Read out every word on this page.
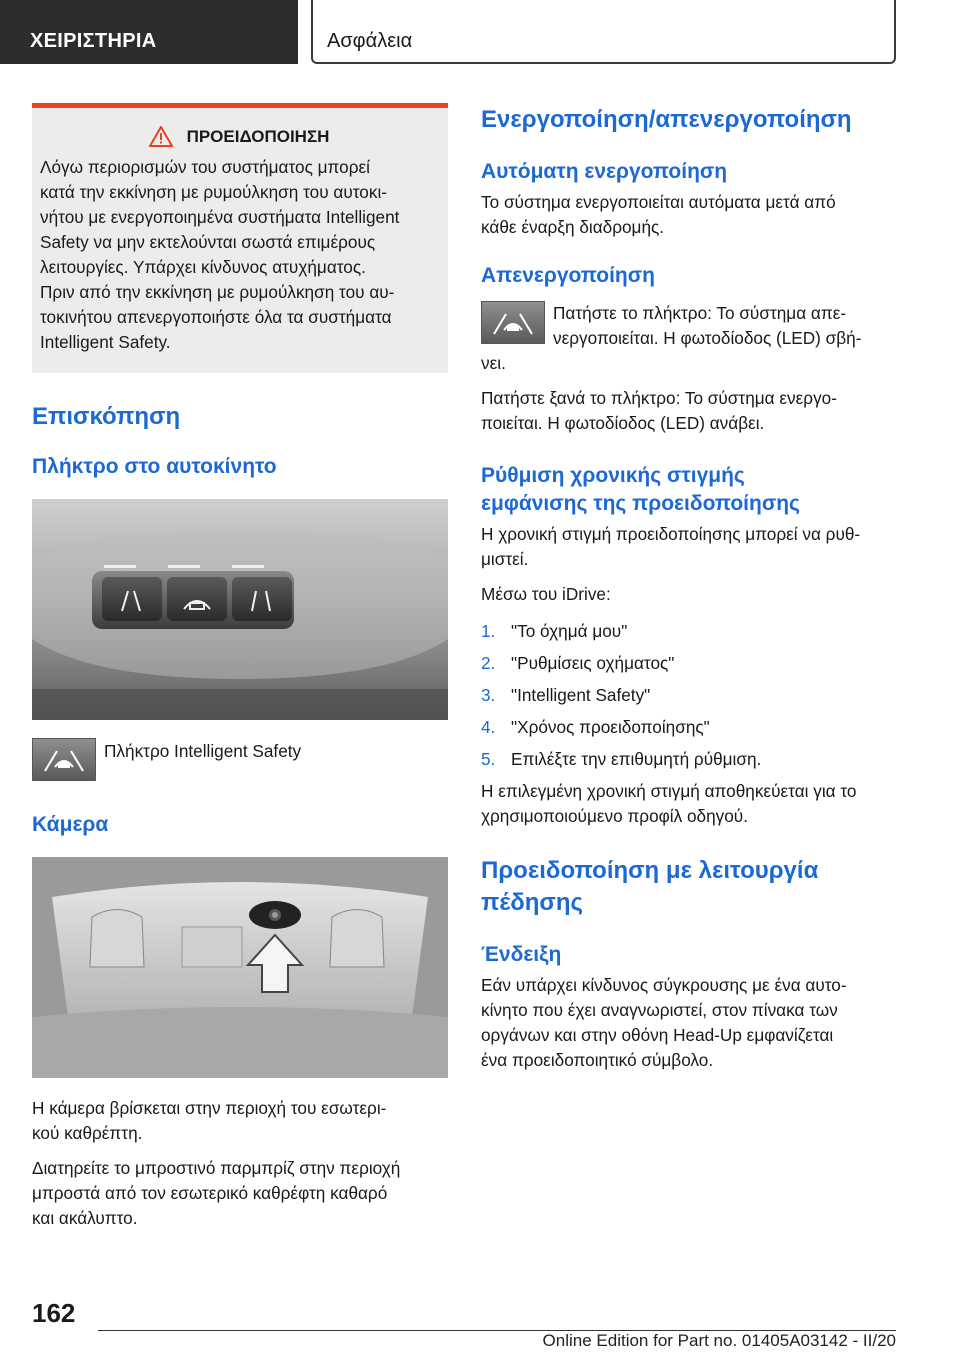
ΧΕΙΡΙΣΤΗΡΙΑ	Ασφάλεια
ΠΡΟΕΙΔΟΠΟΙΗΣΗ
Λόγω περιορισμών του συστήματος μπορεί
κατά την εκκίνηση με ρυμούλκηση του αυτοκι-
νήτου με ενεργοποιημένα συστήματα Intelligent
Safety να μην εκτελούνται σωστά επιμέρους
λειτουργίες. Υπάρχει κίνδυνος ατυχήματος.
Πριν από την εκκίνηση με ρυμούλκηση του αυ-
τοκινήτου απενεργοποιήστε όλα τα συστήματα
Intelligent Safety.
Επισκόπηση
Πλήκτρο στο αυτοκίνητο

Πλήκτρο Intelligent Safety

Κάμερα

Η κάμερα βρίσκεται στην περιοχή του εσωτερι-
κού καθρέπτη.

Διατηρείτε το μπροστινό παρμπρίζ στην περιοχή
μπροστά από τον εσωτερικό καθρέφτη καθαρό
και ακάλυπτο.

Ενεργοποίηση/απενεργοποίηση
Αυτόματη ενεργοποίηση

Το σύστημα ενεργοποιείται αυτόματα μετά από
κάθε έναρξη διαδρομής.

Απενεργοποίηση

Πατήστε το πλήκτρο: Το σύστημα απε-
νεργοποιείται. Η φωτοδίοδος (LED) σβή-

νει.

Πατήστε ξανά το πλήκτρο: Το σύστημα ενεργο-
ποιείται. Η φωτοδίοδος (LED) ανάβει.

Ρύθμιση χρονικής στιγμής
εμφάνισης της προειδοποίησης

Η χρονική στιγμή προειδοποίησης μπορεί να ρυθ-
μιστεί.

Μέσω του iDrive:

1. "Το όχημά μου"
2. "Ρυθμίσεις οχήματος"
3. "Intelligent Safety"
4. "Χρόνος προειδοποίησης"
5. Επιλέξτε την επιθυμητή ρύθμιση.

Η επιλεγμένη χρονική στιγμή αποθηκεύεται για το
χρησιμοποιούμενο προφίλ οδηγού.

Προειδοποίηση με λειτουργία
πέδησης
Ένδειξη

Εάν υπάρχει κίνδυνος σύγκρουσης με ένα αυτο-
κίνητο που έχει αναγνωριστεί, στον πίνακα των
οργάνων και στην οθόνη Head-Up εμφανίζεται
ένα προειδοποιητικό σύμβολο.

162
Online Edition for Part no. 01405A03142 - II/20
